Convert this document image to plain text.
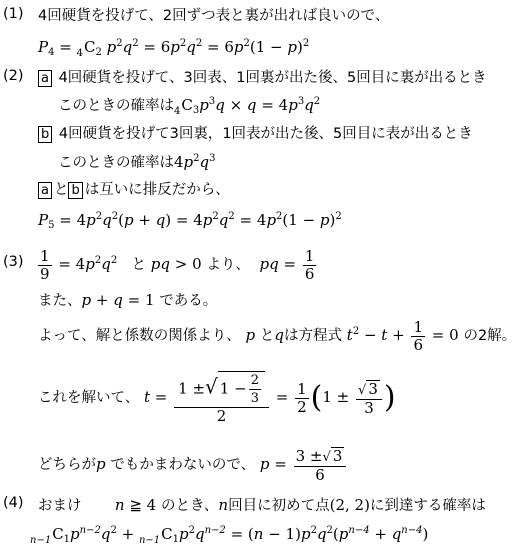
(1) 4回硬貨を投げて、2回ずつ表と裏が出れば良いので、
$P_4 = _4C_2$ $p^2q^2 = 6p^2q^2 = 6p^2(1 - p)^2$
(2) a 4回硬貨を投げて、3回表、1回裏が出た後、5回目に裏が出るとき
このときの確率は$_4C_3p^3q \times q = 4p^3q^2$
b 4回硬貨を投げて3回裏，1回表が出た後、5回目に表が出るとき
このときの確率は$4p^2q^3$
a と b は互いに排反だから、
$P_5 = 4p^2q^2(p + q) = 4p^2q^2 = 4p^2(1 - p)^2$
$(3) \frac{1}{9} = 4p^2q^2$ と pq > 0 より、 pq = $\frac{1}{6}$
また、p + q = 1 である。
よって、解と係数の関係より、 p とqは方程式 $t^2 - t + \frac{1}{6} = 0$ の2解。
これを解いて、 $t = \frac{1 \pm√ 1 - \frac{2}{3}}{2} = \frac{1}{2} (1 \pm \frac{√ 3}{3}$ )
どちらがp でもかまわないので、 $p = \frac{3 \pm√ 3}{6}$
(4) おまけ n ≧ 4 のとき、n回目に初めて点(2, 2)に到達する確率は
$_{n-1}C_1p^{n-2}q^2 + _{n-1}C_1p^2q^{n-2} = (n - 1)p^2q^2(p^{n-4} + q^{n-4})$
